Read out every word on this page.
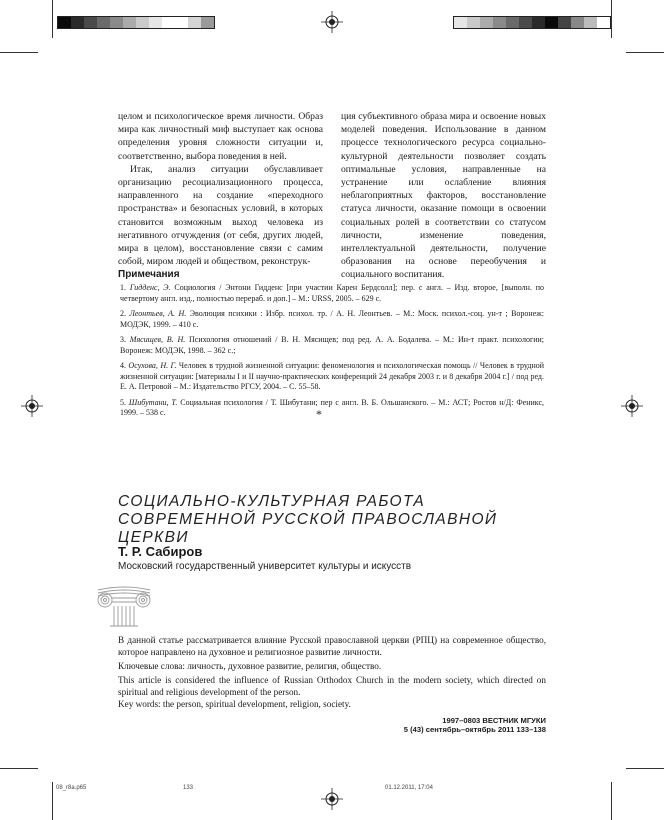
целом и психологическое время личности. Образ мира как личностный миф выступает как основа определения уровня сложности ситуации и, соответственно, выбора поведения в ней.

Итак, анализ ситуации обуславливает организацию ресоциализационного процесса, направленного на создание «переходного пространства» и безопасных условий, в которых становится возможным выход человека из негативного отчуждения (от себя, других людей, мира в целом), восстановление связи с самим собой, миром людей и обществом, реконструк-

ция субъективного образа мира и освоение новых моделей поведения. Использование в данном процессе технологического ресурса социально-культурной деятельности позволяет создать оптимальные условия, направленные на устранение или ослабление влияния неблагоприятных факторов, восстановление статуса личности, оказание помощи в освоении социальных ролей в соответствии со статусом личности, изменение поведения, интеллектуальной деятельности, получение образования на основе переобучения и социального воспитания.

Примечания

1. Гидденс, Э. Социология / Энтони Гидденс [при участии Карен Бердсолл]; пер. с англ. – Изд. второе, [выполн. по четвертому англ. изд., полностью перераб. и доп.] – М.: URSS, 2005. – 629 с.

2. Леонтьев, А. Н. Эволюция психики : Избр. психол. тр. / А. Н. Леонтьев. – М.: Моск. психол.-соц. ун-т ; Воронеж: МОДЭК, 1999. – 410 с.

3. Мясищев, В. Н. Психология отношений / В. Н. Мясищев; под ред. А. А. Бодалева. – М.: Ин-т практ. психологии; Воронеж: МОДЭК, 1998. – 362 с.;

4. Осухова, Н. Г. Человек в трудной жизненной ситуации: феноменология и психологическая помощь // Человек в трудной жизненной ситуации: [материалы I и II научно-практических конференций 24 декабря 2003 г. и 8 декабря 2004 г.] / под ред. Е. А. Петровой – М.: Издательство РГСУ, 2004. – С. 55–58.

5. Шибутани, Т. Социальная психология / Т. Шибутани; пер с англ. В. Б. Ольшанского. – М.: АСТ; Ростов н/Д: Феникс, 1999. – 538 с.	*
СОЦИАЛЬНО-КУЛЬТУРНАЯ РАБОТА
СОВРЕМЕННОЙ РУССКОЙ ПРАВОСЛАВНОЙ ЦЕРКВИ
Т. Р. Сабиров
Московский государственный университет культуры и искусств
В данной статье рассматривается влияние Русской православной церкви (РПЦ) на современное общество, которое направлено на духовное и религиозное развитие личности.
Ключевые слова: личность, духовное развитие, религия, общество.
This article is considered the influence of Russian Orthodox Church in the modern society, which directed on spiritual and religious development of the person.
Key words: the person, spiritual development, religion, society.
1997–0803 ВЕСТНИК МГУКИ
5 (43) сентябрь–октябрь 2011 133–138
08_r8a.p65	133	01.12.2011, 17:04
